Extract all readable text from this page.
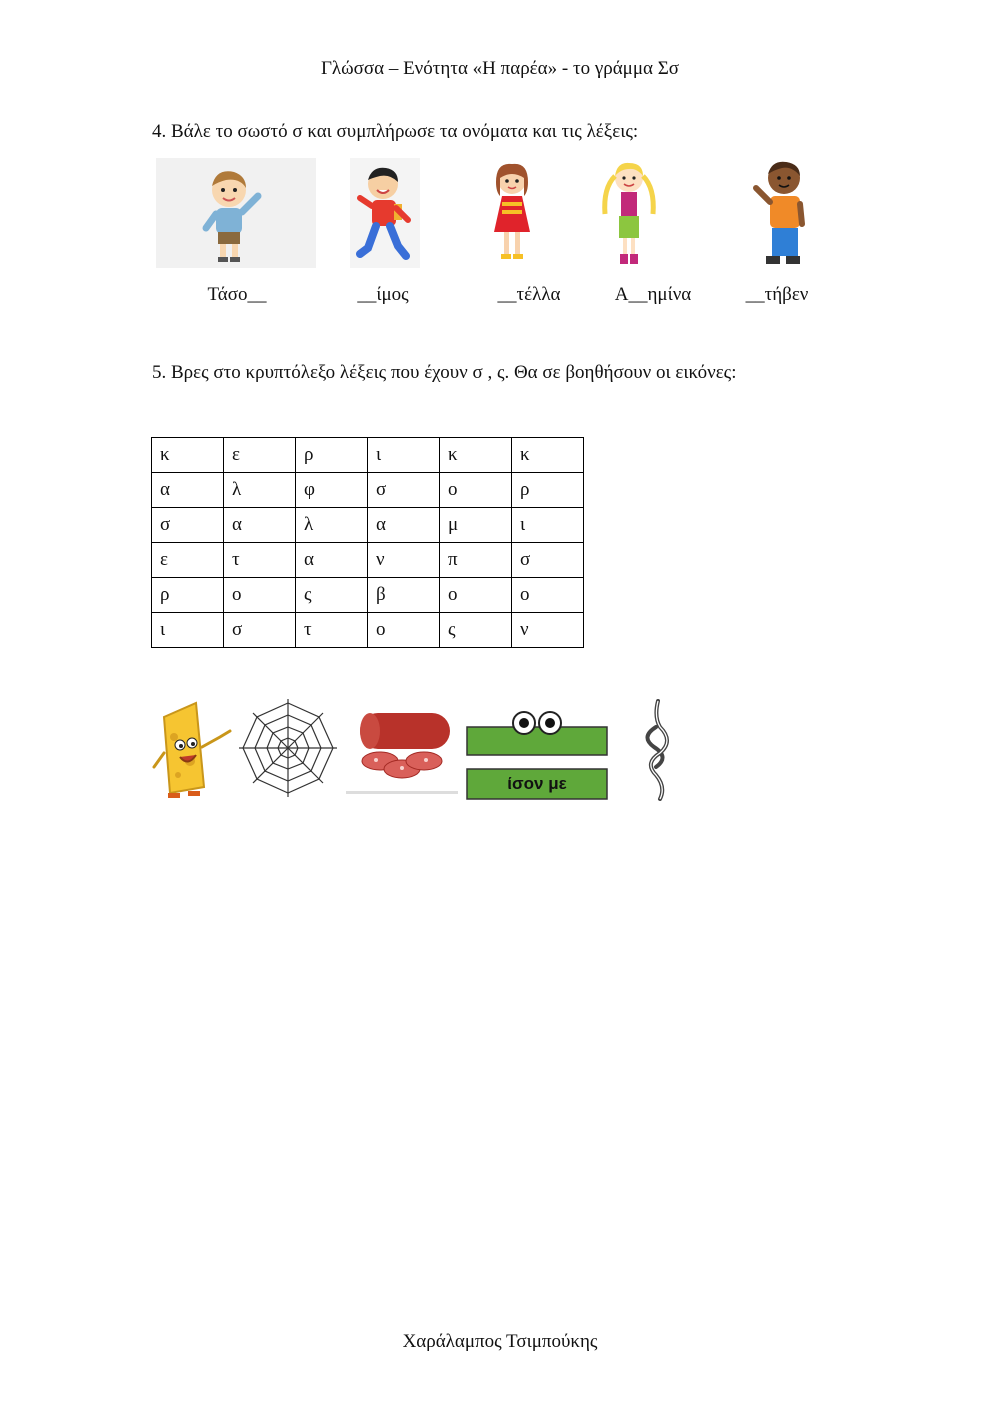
Γλώσσα – Ενότητα «Η παρέα» - το γράμμα Σσ
4. Βάλε το σωστό σ και συμπλήρωσε τα ονόματα και τις λέξεις:
Τάσο__	__ίμος	__τέλλα	Α__ημίνα	__τήβεν
5. Βρες στο κρυπτόλεξο λέξεις που έχουν σ , ς. Θα σε βοηθήσουν οι εικόνες:
κ	ε	ρ	ι	κ	κ
α	λ	φ	σ	ο	ρ
σ	α	λ	α	μ	ι
ε	τ	α	ν	π	σ
ρ	ο	ς	β	ο	ο
ι	σ	τ	ο	ς	ν
ίσον με
Χαράλαμπος Τσιμπούκης
